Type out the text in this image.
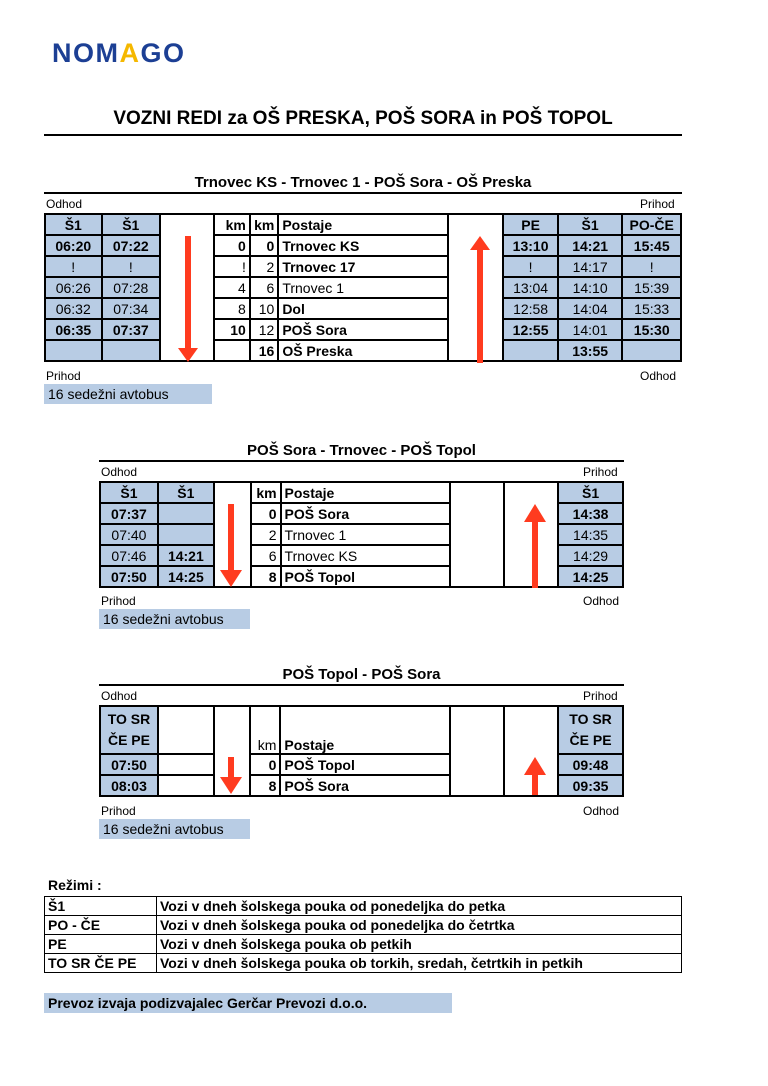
NOMAGO
VOZNI REDI za OŠ PRESKA, POŠ SORA in POŠ TOPOL
Trnovec KS - Trnovec 1 - POŠ Sora - OŠ Preska
Odhod	Prihod
Š1	Š1		km	km	Postaje		PE	Š1	PO-ČE
06:20	07:22		0	0	Trnovec KS		13:10	14:21	15:45
!	!		!	2	Trnovec 17		!	14:17	!
06:26	07:28		4	6	Trnovec 1		13:04	14:10	15:39
06:32	07:34		8	10	Dol		12:58	14:04	15:33
06:35	07:37		10	12	POŠ Sora		12:55	14:01	15:30
				16	OŠ Preska			13:55	
Prihod	Odhod
16 sedežni avtobus
POŠ Sora - Trnovec - POŠ Topol
Odhod	Prihod
Š1	Š1		km	Postaje			Š1
07:37			0	POŠ Sora			14:38
07:40			2	Trnovec 1			14:35
07:46	14:21		6	Trnovec KS			14:29
07:50	14:25		8	POŠ Topol			14:25
Prihod	Odhod
16 sedežni avtobus
POŠ Topol - POŠ Sora
Odhod	Prihod
TO SR
ČE PE			km	Postaje			TO SR
ČE PE
07:50			0	POŠ Topol			09:48
08:03			8	POŠ Sora			09:35
Prihod	Odhod
16 sedežni avtobus
Režimi :
Š1	Vozi v dneh šolskega pouka od ponedeljka do petka
PO - ČE	Vozi v dneh šolskega pouka od ponedeljka do četrtka
PE	Vozi v dneh šolskega pouka ob petkih
TO SR ČE PE	Vozi v dneh šolskega pouka ob torkih, sredah, četrtkih in petkih
Prevoz izvaja podizvajalec Gerčar Prevozi d.o.o.
